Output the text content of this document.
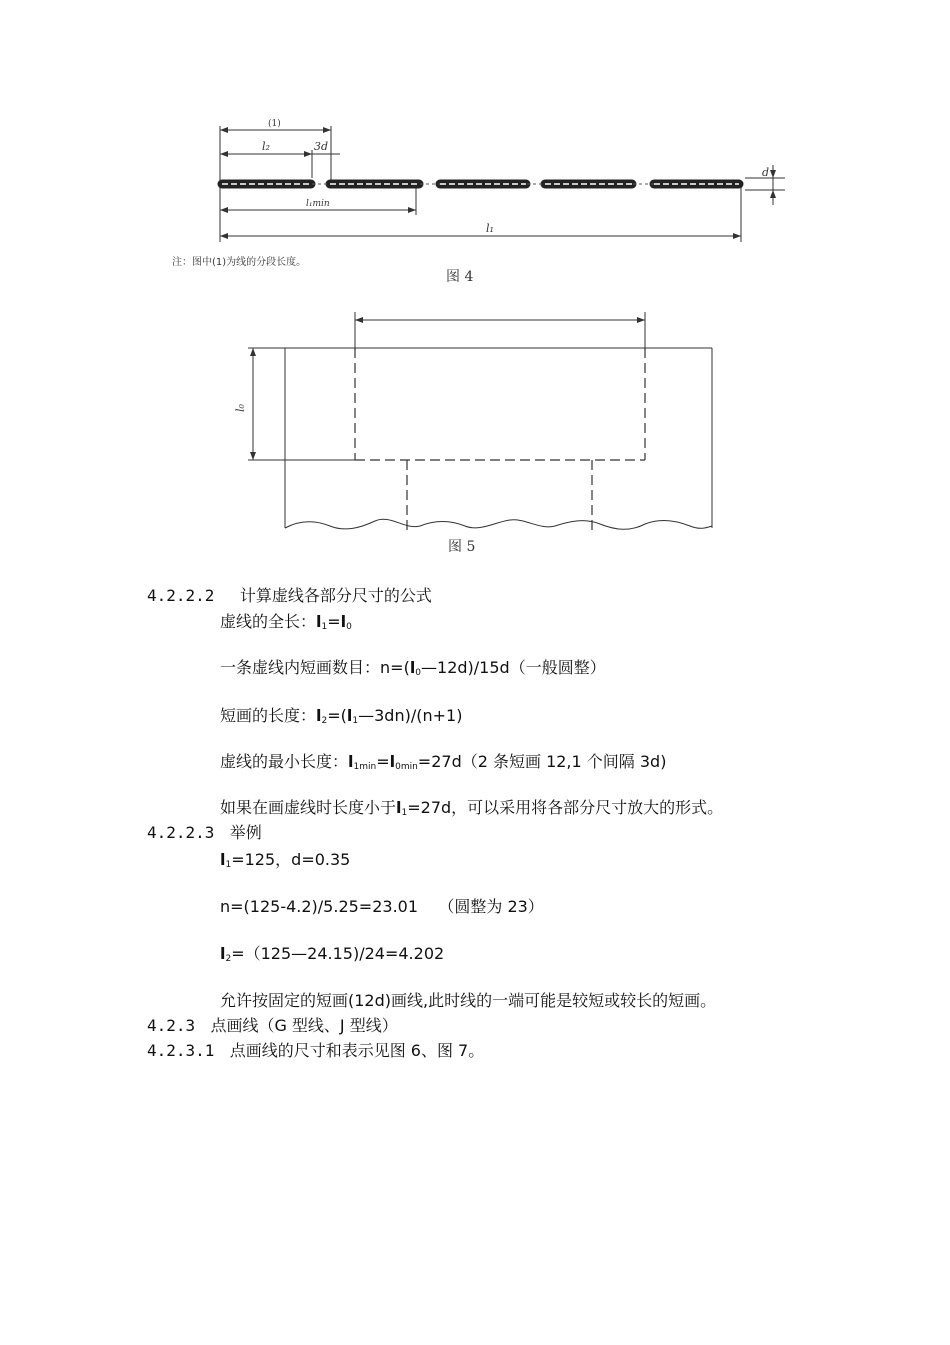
(1)
l₂	3d
l₁min
l₁
d
注：图中(1)为线的分段长度。
图 4
l₀
图 5
4.2.2.2 计算虚线各部分尺寸的公式
虚线的全长：$l_1=l_0$
一条虚线内短画数目：$n=(l_0—12d)/15d$（一般圆整）
短画的长度：$l_2=(l_1—3dn)/(n+1)$
虚线的最小长度：$l_{1min}=l_{0min}=27d(2$ 条短画 12,1 个间隔 3d)
如果在画虚线时长度小于$l_1=27d$，可以采用将各部分尺寸放大的形式。
4.2.2.3 举例
$l_1=125$，d=0.35
n=(125-4.2)/5.25=23.01 （圆整为 23）
$l_2=(125—24.15)/24=4.202$
允许按固定的短画(12d)画线,此时线的一端可能是较短或较长的短画。
4.2.3 点画线（G 型线、J 型线）
4.2.3.1 点画线的尺寸和表示见图 6、图 7。
